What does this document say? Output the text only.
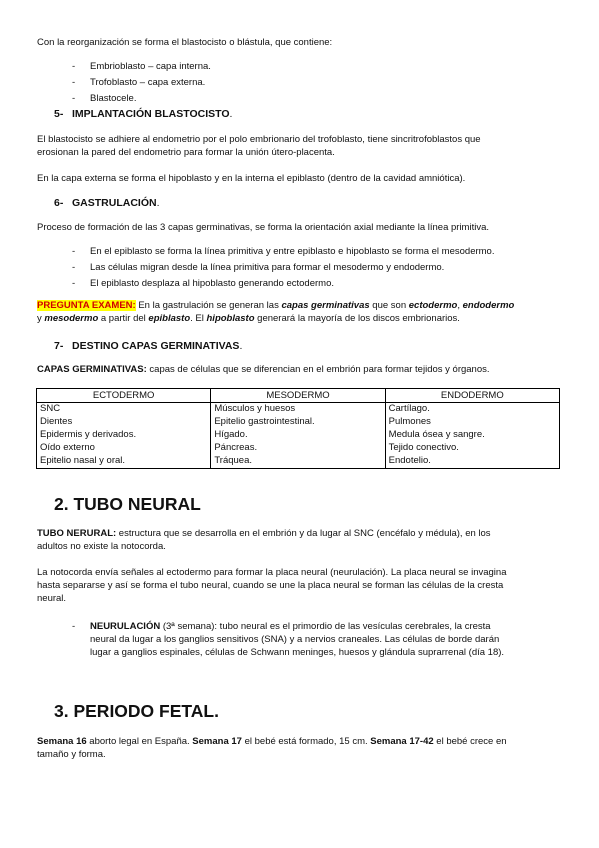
Con la reorganización se forma el blastocisto o blástula, que contiene:

- Embrioblasto – capa interna.
- Trofoblasto – capa externa.
- Blastocele.
5- IMPLANTACIÓN BLASTOCISTO.

El blastocisto se adhiere al endometrio por el polo embrionario del trofoblasto, tiene sincritrofoblastos que
erosionan la pared del endometrio para formar la unión útero-placenta.

En la capa externa se forma el hipoblasto y en la interna el epiblasto (dentro de la cavidad amniótica).

6- GASTRULACIÓN.

Proceso de formación de las 3 capas germinativas, se forma la orientación axial mediante la línea primitiva.

- En el epiblasto se forma la línea primitiva y entre epiblasto e hipoblasto se forma el mesodermo.
- Las células migran desde la línea primitiva para formar el mesodermo y endodermo.
- El epiblasto desplaza al hipoblasto generando ectodermo.

PREGUNTA EXAMEN: En la gastrulación se generan las capas germinativas que son ectodermo, endodermo
y mesodermo a partir del epiblasto. El hipoblasto generará la mayoría de los discos embrionarios.

7- DESTINO CAPAS GERMINATIVAS.

CAPAS GERMINATIVAS: capas de células que se diferencian en el embrión para formar tejidos y órganos.

ECTODERMO	MESODERMO	ENDODERMO
SNC	Músculos y huesos	Cartílago.
Dientes	Epitelio gastrointestinal.	Pulmones
Epidermis y derivados.	Hígado.	Medula ósea y sangre.
Oído externo	Páncreas.	Tejido conectivo.
Epitelio nasal y oral.	Tráquea.	Endotelio.
2. TUBO NEURAL

TUBO NERURAL: estructura que se desarrolla en el embrión y da lugar al SNC (encéfalo y médula), en los
adultos no existe la notocorda.

La notocorda envía señales al ectodermo para formar la placa neural (neurulación). La placa neural se invagina
hasta separarse y así se forma el tubo neural, cuando se une la placa neural se forman las células de la cresta
neural.

- NEURULACIÓN (3ª semana): tubo neural es el primordio de las vesículas cerebrales, la cresta
neural da lugar a los ganglios sensitivos (SNA) y a nervios craneales. Las células de borde darán
lugar a ganglios espinales, células de Schwann meninges, huesos y glándula suprarrenal (día 18).
3. PERIODO FETAL.

Semana 16 aborto legal en España. Semana 17 el bebé está formado, 15 cm. Semana 17-42 el bebé crece en
tamaño y forma.
